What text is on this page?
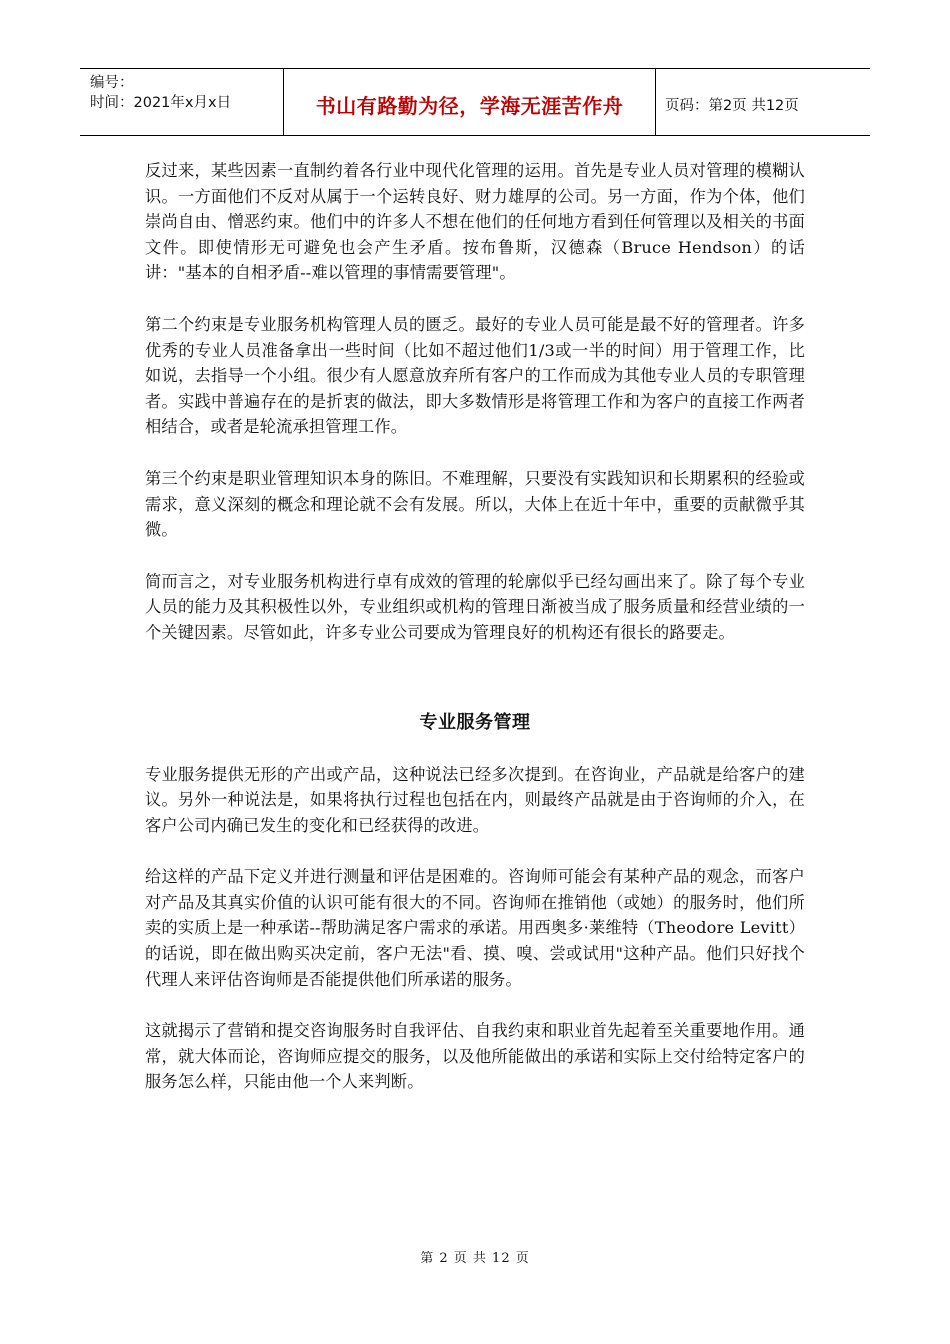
编号：
时间：2021年x月x日	书山有路勤为径，学海无涯苦作舟	页码：第2页 共12页

反过来，某些因素一直制约着各行业中现代化管理的运用。首先是专业人员对管理的模糊认识。一方面他们不反对从属于一个运转良好、财力雄厚的公司。另一方面，作为个体，他们崇尚自由、憎恶约束。他们中的许多人不想在他们的任何地方看到任何管理以及相关的书面文件。即使情形无可避免也会产生矛盾。按布鲁斯，汉德森（Bruce Hendson）的话讲："基本的自相矛盾--难以管理的事情需要管理"。

第二个约束是专业服务机构管理人员的匮乏。最好的专业人员可能是最不好的管理者。许多优秀的专业人员准备拿出一些时间（比如不超过他们1/3或一半的时间）用于管理工作，比如说，去指导一个小组。很少有人愿意放弃所有客户的工作而成为其他专业人员的专职管理者。实践中普遍存在的是折衷的做法，即大多数情形是将管理工作和为客户的直接工作两者相结合，或者是轮流承担管理工作。

第三个约束是职业管理知识本身的陈旧。不难理解，只要没有实践知识和长期累积的经验或需求，意义深刻的概念和理论就不会有发展。所以，大体上在近十年中，重要的贡献微乎其微。

简而言之，对专业服务机构进行卓有成效的管理的轮廓似乎已经勾画出来了。除了每个专业人员的能力及其积极性以外，专业组织或机构的管理日渐被当成了服务质量和经营业绩的一个关键因素。尽管如此，许多专业公司要成为管理良好的机构还有很长的路要走。

专业服务管理

专业服务提供无形的产出或产品，这种说法已经多次提到。在咨询业，产品就是给客户的建议。另外一种说法是，如果将执行过程也包括在内，则最终产品就是由于咨询师的介入，在客户公司内确已发生的变化和已经获得的改进。

给这样的产品下定义并进行测量和评估是困难的。咨询师可能会有某种产品的观念，而客户对产品及其真实价值的认识可能有很大的不同。咨询师在推销他（或她）的服务时，他们所卖的实质上是一种承诺--帮助满足客户需求的承诺。用西奥多·莱维特（Theodore Levitt）的话说，即在做出购买决定前，客户无法"看、摸、嗅、尝或试用"这种产品。他们只好找个代理人来评估咨询师是否能提供他们所承诺的服务。

这就揭示了营销和提交咨询服务时自我评估、自我约束和职业首先起着至关重要地作用。通常，就大体而论，咨询师应提交的服务，以及他所能做出的承诺和实际上交付给特定客户的服务怎么样，只能由他一个人来判断。

第 2 页 共 12 页
